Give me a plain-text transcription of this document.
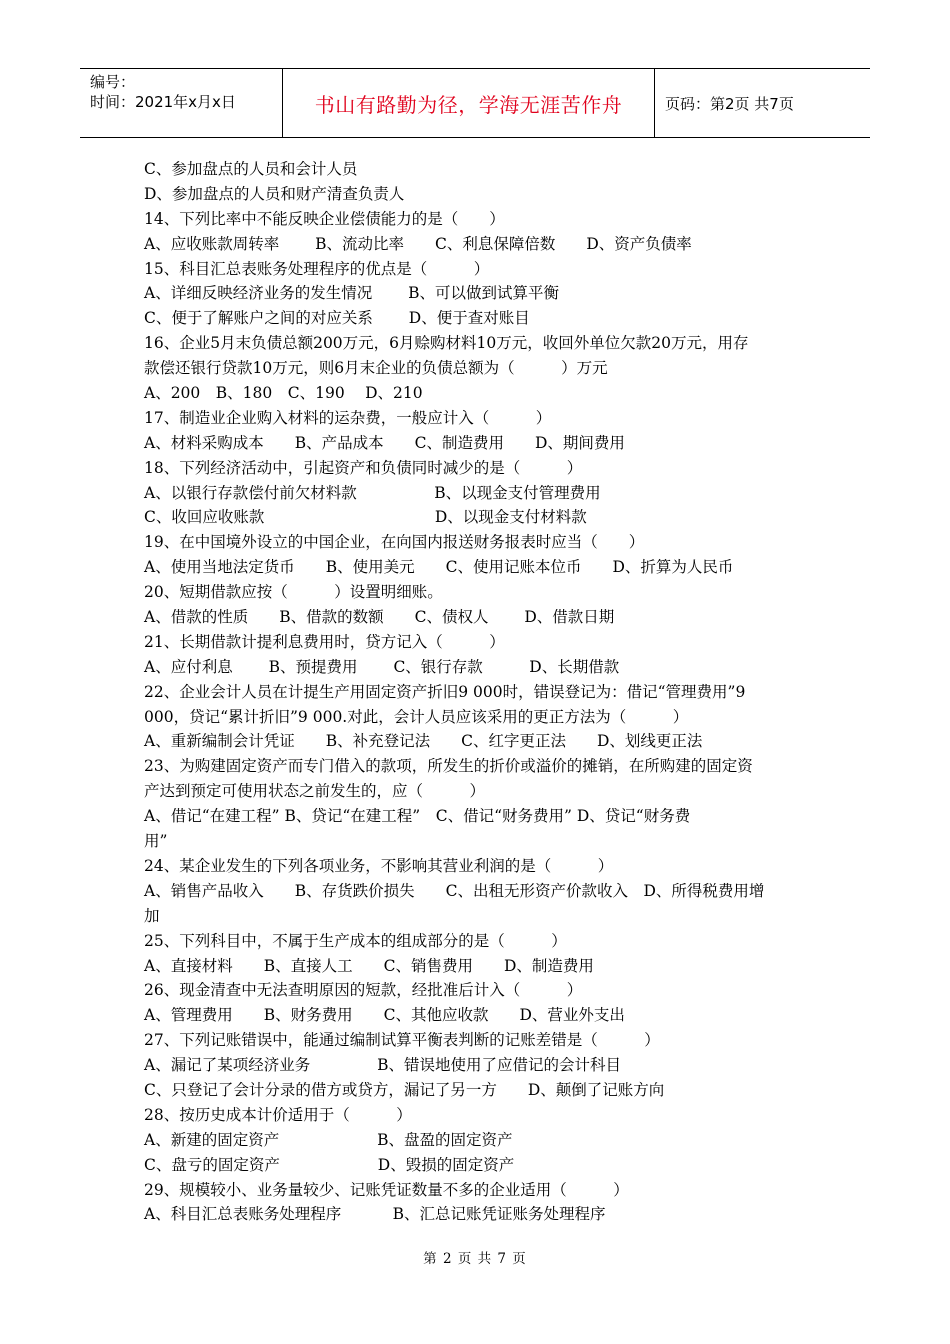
编号：
时间：2021年x月x日	书山有路勤为径，学海无涯苦作舟	页码：第2页 共7页
C、参加盘点的人员和会计人员
D、参加盘点的人员和财产清查负责人
14、下列比率中不能反映企业偿债能力的是（　　）
A、应收账款周转率　　 B、流动比率　　C、利息保障倍数　　D、资产负债率
15、科目汇总表账务处理程序的优点是（　　　）
A、详细反映经济业务的发生情况　　 B、可以做到试算平衡
C、便于了解账户之间的对应关系　　 D、便于查对账目
16、企业5月末负债总额200万元，6月赊购材料10万元，收回外单位欠款20万元，用存
款偿还银行贷款10万元，则6月末企业的负债总额为（　　　）万元
A、200　B、180　C、190　 D、210
17、制造业企业购入材料的运杂费，一般应计入（　　　）
A、材料采购成本　　B、产品成本　　C、制造费用　　D、期间费用
18、下列经济活动中，引起资产和负债同时减少的是（　　　）
A、以银行存款偿付前欠材料款　　　　　B、以现金支付管理费用
C、收回应收账款　　　　　　　　　　　D、以现金支付材料款
19、在中国境外设立的中国企业，在向国内报送财务报表时应当（　　）
A、使用当地法定货币　　B、使用美元　　C、使用记账本位币　　D、折算为人民币
20、短期借款应按（　　　）设置明细账。
A、借款的性质　　B、借款的数额　　C、债权人　　 D、借款日期
21、长期借款计提利息费用时，贷方记入（　　　）
A、应付利息　　 B、预提费用　　 C、银行存款　　　D、长期借款
22、企业会计人员在计提生产用固定资产折旧9 000时，错误登记为：借记“管理费用”9
000，贷记“累计折旧”9 000.对此，会计人员应该采用的更正方法为（　　　）
A、重新编制会计凭证　　B、补充登记法　　C、红字更正法　　D、划线更正法
23、为购建固定资产而专门借入的款项，所发生的折价或溢价的摊销，在所购建的固定资
产达到预定可使用状态之前发生的，应（　　　）
A、借记“在建工程” B、贷记“在建工程”　C、借记“财务费用” D、贷记“财务费
用”
24、某企业发生的下列各项业务，不影响其营业利润的是（　　　）
A、销售产品收入　　B、存货跌价损失　　C、出租无形资产价款收入　D、所得税费用增
加
25、下列科目中，不属于生产成本的组成部分的是（　　　）
A、直接材料　　B、直接人工　　C、销售费用　　D、制造费用
26、现金清查中无法查明原因的短款，经批准后计入（　　　）
A、管理费用　　B、财务费用　　C、其他应收款　　D、营业外支出
27、下列记账错误中，能通过编制试算平衡表判断的记账差错是（　　　）
A、漏记了某项经济业务　　　　 B、错误地使用了应借记的会计科目
C、只登记了会计分录的借方或贷方，漏记了另一方　　D、颠倒了记账方向
28、按历史成本计价适用于（　　　）
A、新建的固定资产　　　　　　 B、盘盈的固定资产
C、盘亏的固定资产　　　　　　 D、毁损的固定资产
29、规模较小、业务量较少、记账凭证数量不多的企业适用（　　　）
A、科目汇总表账务处理程序　　　 B、汇总记账凭证账务处理程序
第 2 页 共 7 页
